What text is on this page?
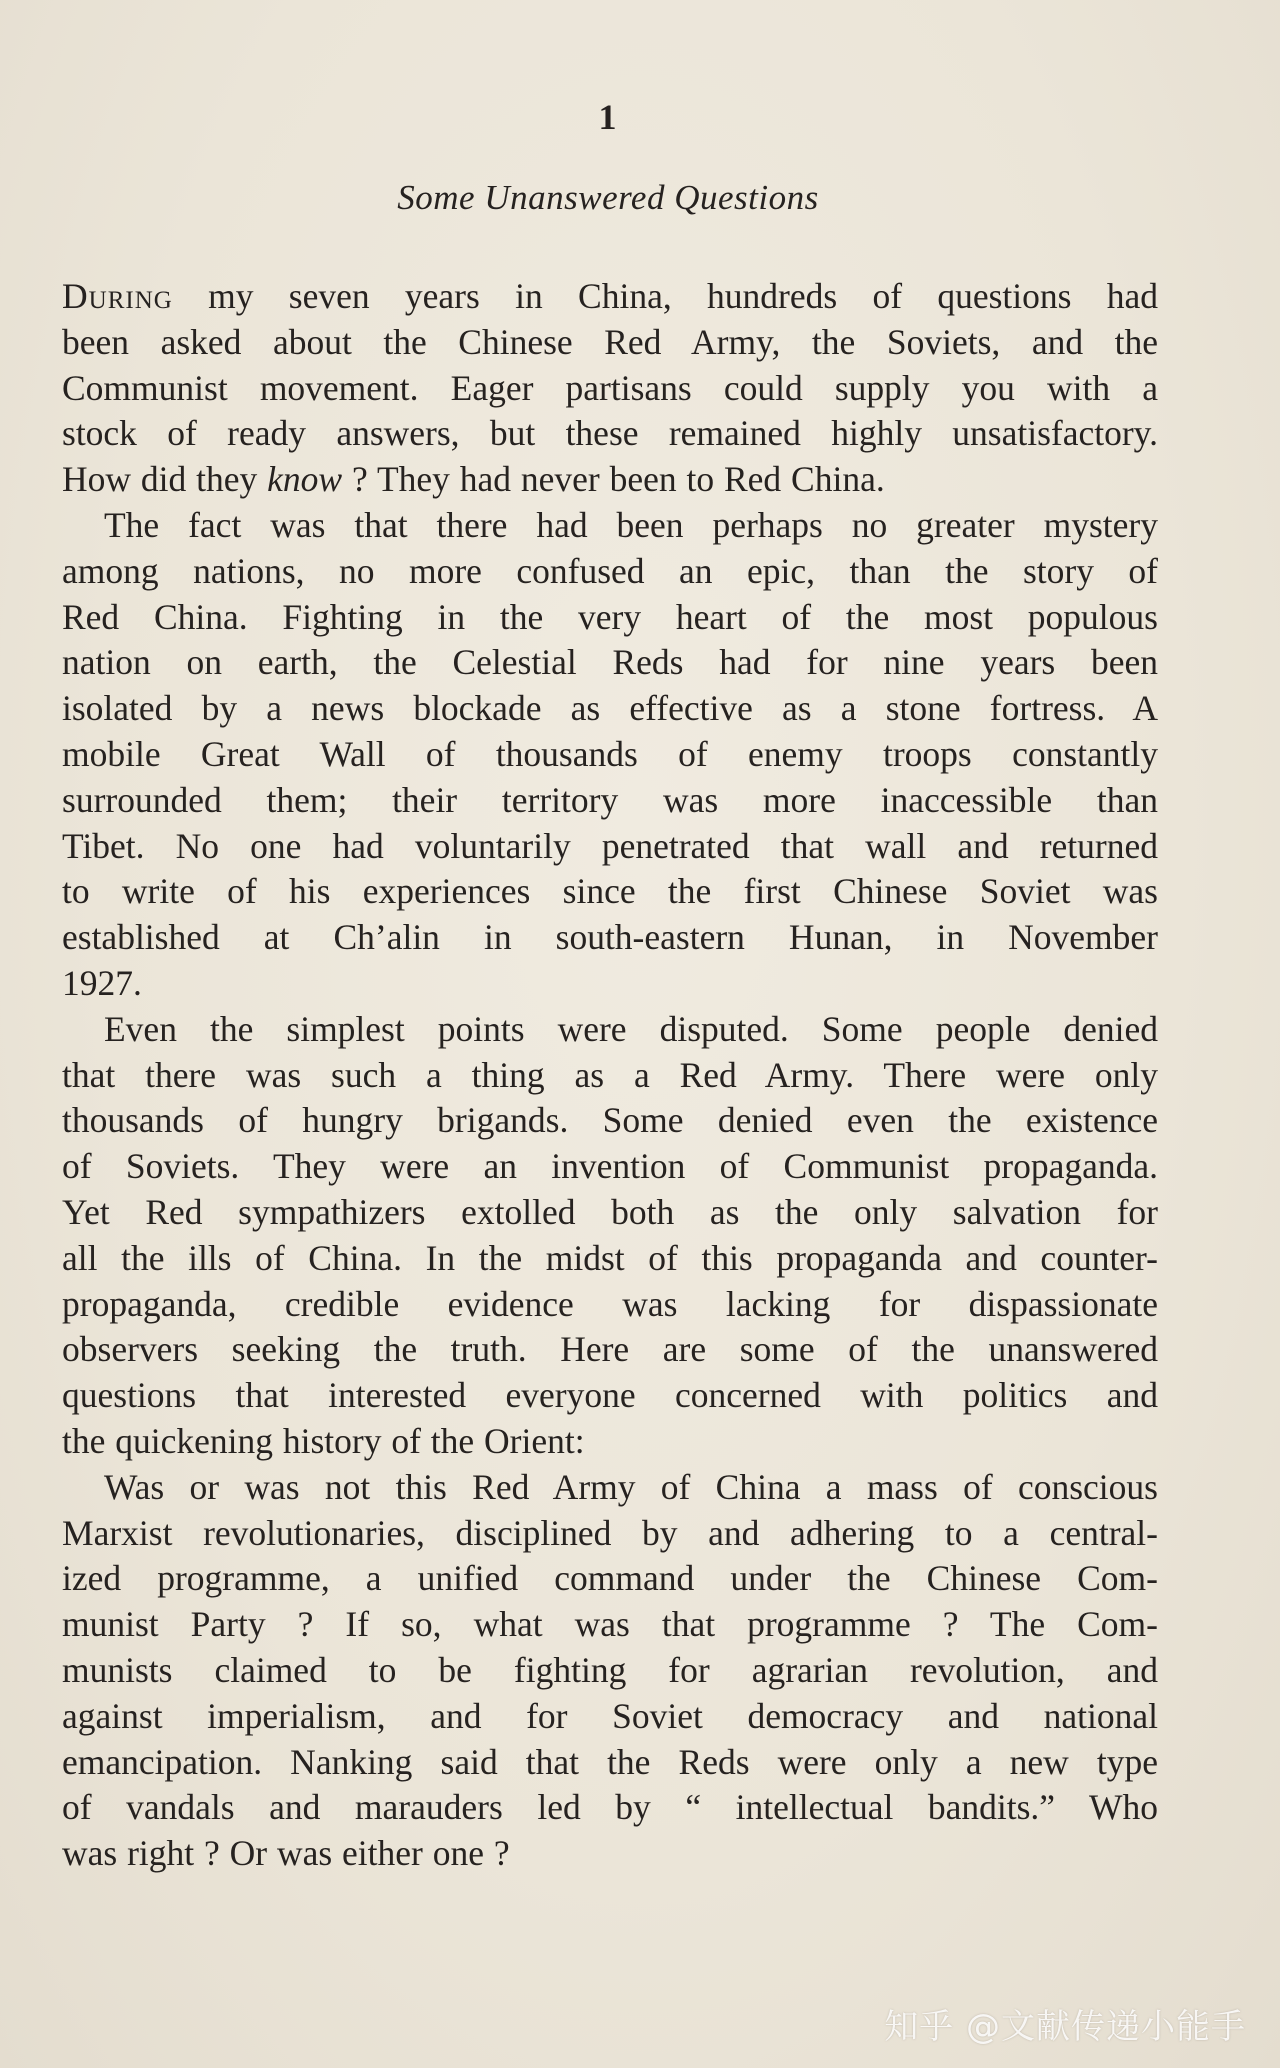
1
Some Unanswered Questions
During my seven years in China, hundreds of questions had
been asked about the Chinese Red Army, the Soviets, and the
Communist movement. Eager partisans could supply you with a
stock of ready answers, but these remained highly unsatisfactory.
How did they know ? They had never been to Red China.
The fact was that there had been perhaps no greater mystery
among nations, no more confused an epic, than the story of
Red China. Fighting in the very heart of the most populous
nation on earth, the Celestial Reds had for nine years been
isolated by a news blockade as effective as a stone fortress. A
mobile Great Wall of thousands of enemy troops constantly
surrounded them; their territory was more inaccessible than
Tibet. No one had voluntarily penetrated that wall and returned
to write of his experiences since the first Chinese Soviet was
established at Ch’alin in south-eastern Hunan, in November
1927.
Even the simplest points were disputed. Some people denied
that there was such a thing as a Red Army. There were only
thousands of hungry brigands. Some denied even the existence
of Soviets. They were an invention of Communist propaganda.
Yet Red sympathizers extolled both as the only salvation for
all the ills of China. In the midst of this propaganda and counter-
propaganda, credible evidence was lacking for dispassionate
observers seeking the truth. Here are some of the unanswered
questions that interested everyone concerned with politics and
the quickening history of the Orient:
Was or was not this Red Army of China a mass of conscious
Marxist revolutionaries, disciplined by and adhering to a central-
ized programme, a unified command under the Chinese Com-
munist Party ? If so, what was that programme ? The Com-
munists claimed to be fighting for agrarian revolution, and
against imperialism, and for Soviet democracy and national
emancipation. Nanking said that the Reds were only a new type
of vandals and marauders led by “ intellectual bandits.” Who
was right ? Or was either one ?
知乎 @文献传递小能手
